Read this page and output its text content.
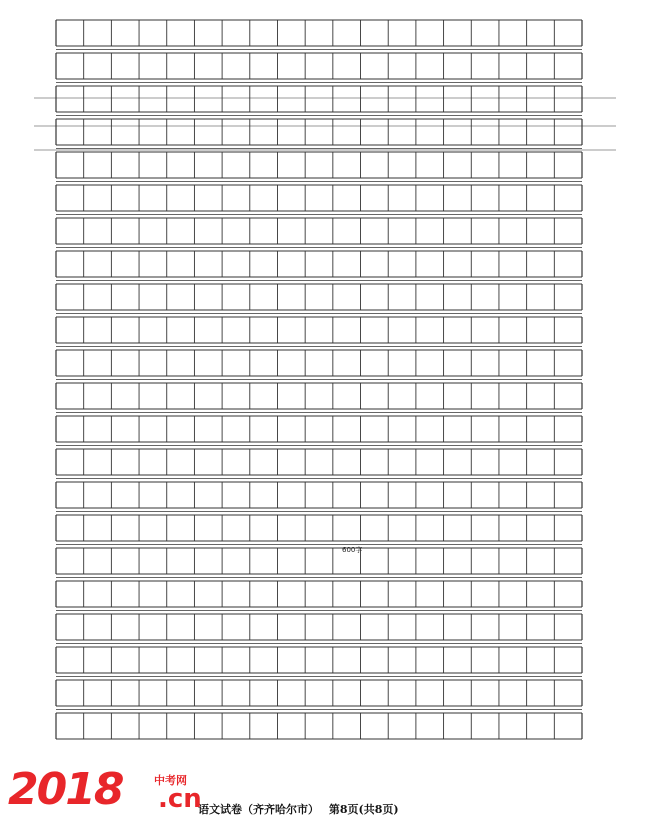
600字
语文试卷（齐齐哈尔市） 第8页(共8页)
2018	中考网
.cn
